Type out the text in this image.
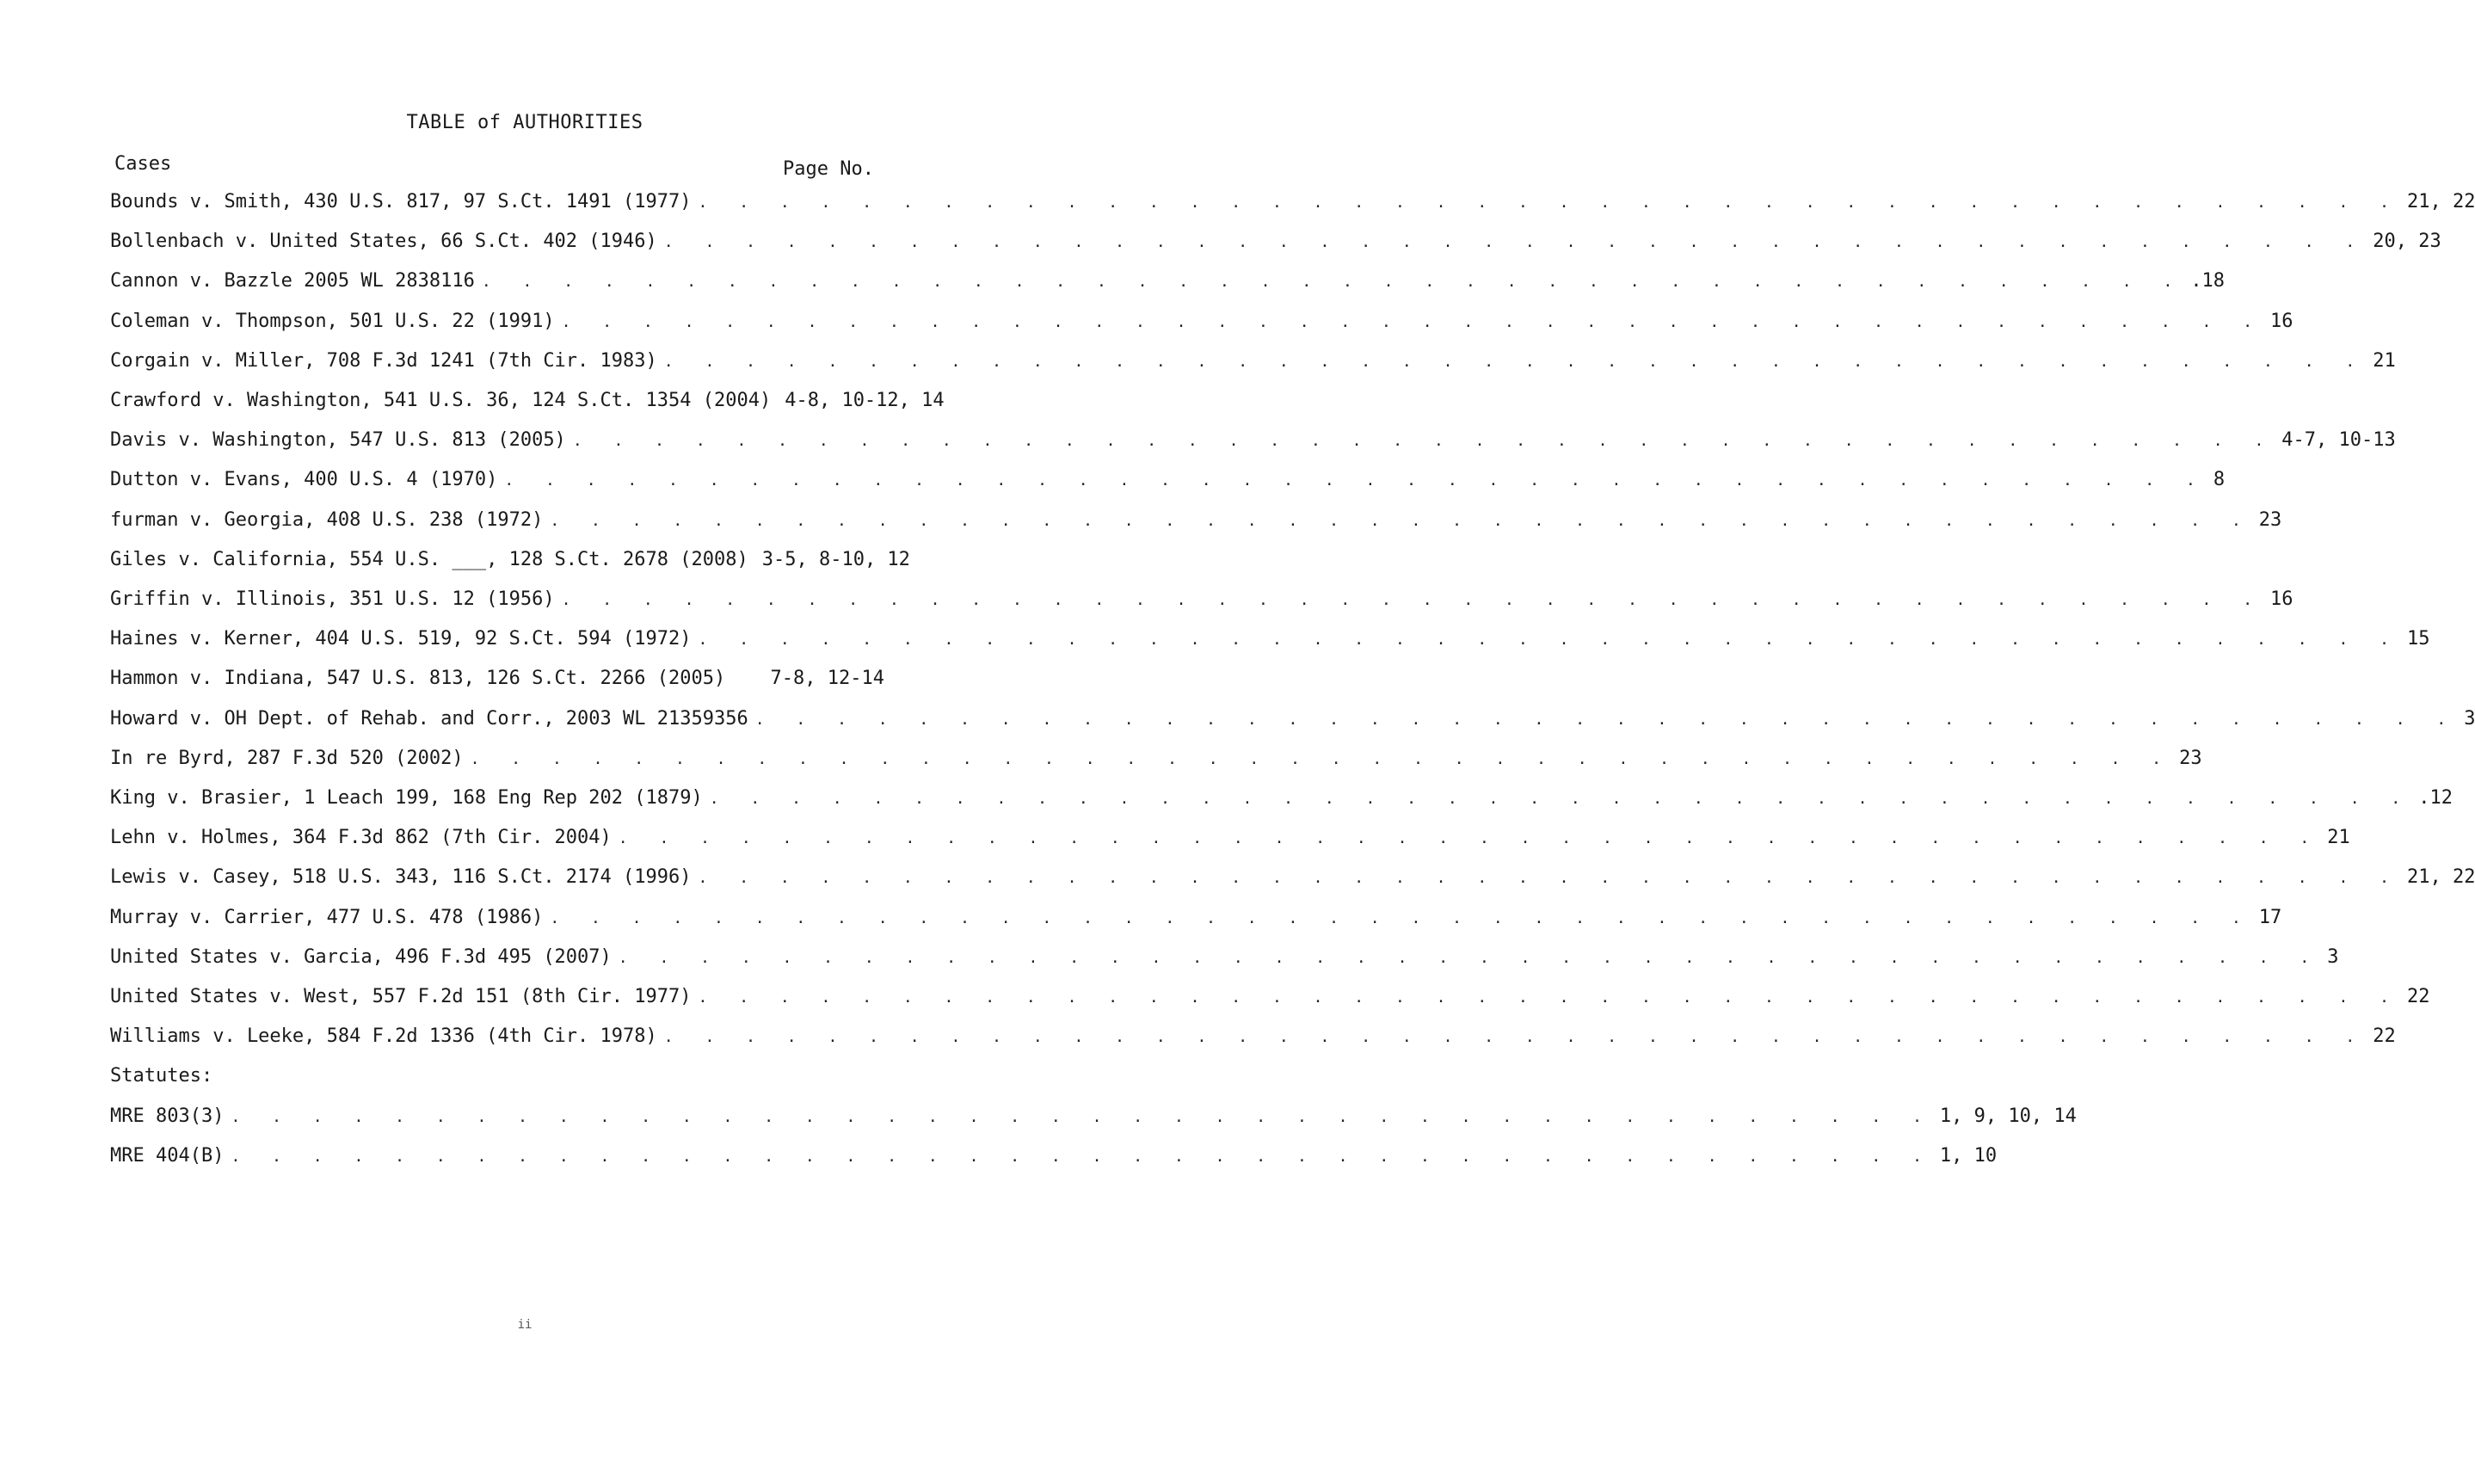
TABLE of AUTHORITIES
Cases	Page No.
Bounds v. Smith, 430 U.S. 817, 97 S.Ct. 1491 (1977) . . . . . . . . . . . . . . . . . . . . . . . . . . . . . . . . . . . . . . . . . . 21, 22
Bollenbach v. United States, 66 S.Ct. 402 (1946) . . . . . . . . . . . . . . . . . . . . . . . . . . . . . . . . . . . . . . . . . . 20, 23
Cannon v. Bazzle 2005 WL 2838116 . . . . . . . . . . . . . . . . . . . . . . . . . . . . . . . . . . . . . . . . . . .18
Coleman v. Thompson, 501 U.S. 22 (1991) . . . . . . . . . . . . . . . . . . . . . . . . . . . . . . . . . . . . . . . . . . 16
Corgain v. Miller, 708 F.3d 1241 (7th Cir. 1983) . . . . . . . . . . . . . . . . . . . . . . . . . . . . . . . . . . . . . . . . . . 21
Crawford v. Washington, 541 U.S. 36, 124 S.Ct. 1354 (2004) 4-8, 10-12, 14
Davis v. Washington, 547 U.S. 813 (2005) . . . . . . . . . . . . . . . . . . . . . . . . . . . . . . . . . . . . . . . . . . 4-7, 10-13
Dutton v. Evans, 400 U.S. 4 (1970) . . . . . . . . . . . . . . . . . . . . . . . . . . . . . . . . . . . . . . . . . . 8
furman v. Georgia, 408 U.S. 238 (1972) . . . . . . . . . . . . . . . . . . . . . . . . . . . . . . . . . . . . . . . . . . 23
Giles v. California, 554 U.S. ___, 128 S.Ct. 2678 (2008) 3-5, 8-10, 12
Griffin v. Illinois, 351 U.S. 12 (1956) . . . . . . . . . . . . . . . . . . . . . . . . . . . . . . . . . . . . . . . . . . 16
Haines v. Kerner, 404 U.S. 519, 92 S.Ct. 594 (1972) . . . . . . . . . . . . . . . . . . . . . . . . . . . . . . . . . . . . . . . . . . 15
Hammon v. Indiana, 547 U.S. 813, 126 S.Ct. 2266 (2005) 7-8, 12-14
Howard v. OH Dept. of Rehab. and Corr., 2003 WL 21359356 . . . . . . . . . . . . . . . . . . . . . . . . . . . . . . . . . . . . . . . . . . 3
In re Byrd, 287 F.3d 520 (2002) . . . . . . . . . . . . . . . . . . . . . . . . . . . . . . . . . . . . . . . . . . 23
King v. Brasier, 1 Leach 199, 168 Eng Rep 202 (1879) . . . . . . . . . . . . . . . . . . . . . . . . . . . . . . . . . . . . . . . . . . .12
Lehn v. Holmes, 364 F.3d 862 (7th Cir. 2004) . . . . . . . . . . . . . . . . . . . . . . . . . . . . . . . . . . . . . . . . . . 21
Lewis v. Casey, 518 U.S. 343, 116 S.Ct. 2174 (1996) . . . . . . . . . . . . . . . . . . . . . . . . . . . . . . . . . . . . . . . . . . 21, 22
Murray v. Carrier, 477 U.S. 478 (1986) . . . . . . . . . . . . . . . . . . . . . . . . . . . . . . . . . . . . . . . . . . 17
United States v. Garcia, 496 F.3d 495 (2007) . . . . . . . . . . . . . . . . . . . . . . . . . . . . . . . . . . . . . . . . . . 3
United States v. West, 557 F.2d 151 (8th Cir. 1977) . . . . . . . . . . . . . . . . . . . . . . . . . . . . . . . . . . . . . . . . . . 22
Williams v. Leeke, 584 F.2d 1336 (4th Cir. 1978) . . . . . . . . . . . . . . . . . . . . . . . . . . . . . . . . . . . . . . . . . . 22
Statutes:
MRE 803(3) . . . . . . . . . . . . . . . . . . . . . . . . . . . . . . . . . . . . . . . . . . 1, 9, 10, 14
MRE 404(B) . . . . . . . . . . . . . . . . . . . . . . . . . . . . . . . . . . . . . . . . . . 1, 10
ii
